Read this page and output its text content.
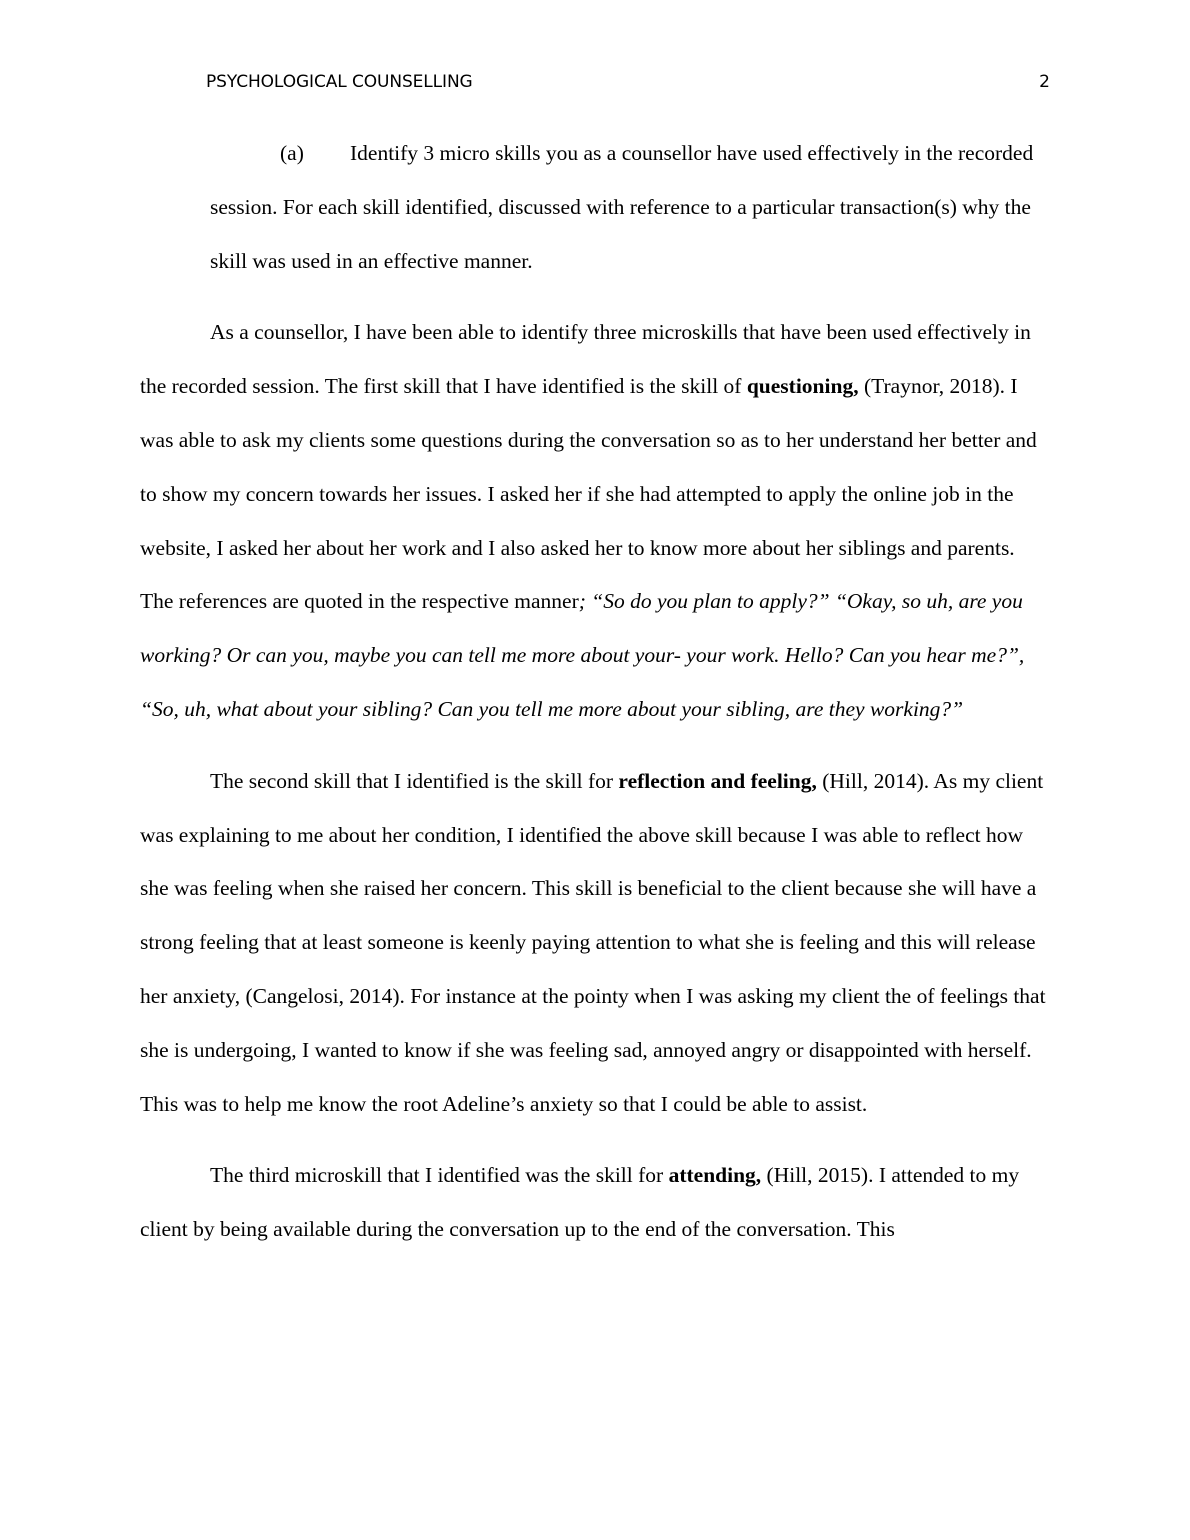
PSYCHOLOGICAL COUNSELLING	2
(a) Identify 3 micro skills you as a counsellor have used effectively in the recorded session. For each skill identified, discussed with reference to a particular transaction(s) why the skill was used in an effective manner.

As a counsellor, I have been able to identify three microskills that have been used effectively in the recorded session. The first skill that I have identified is the skill of questioning, (Traynor, 2018). I was able to ask my clients some questions during the conversation so as to her understand her better and to show my concern towards her issues. I asked her if she had attempted to apply the online job in the website, I asked her about her work and I also asked her to know more about her siblings and parents. The references are quoted in the respective manner; “So do you plan to apply?” “Okay, so uh, are you working? Or can you, maybe you can tell me more about your- your work. Hello? Can you hear me?”, “So, uh, what about your sibling? Can you tell me more about your sibling, are they working?”

The second skill that I identified is the skill for reflection and feeling, (Hill, 2014). As my client was explaining to me about her condition, I identified the above skill because I was able to reflect how she was feeling when she raised her concern. This skill is beneficial to the client because she will have a strong feeling that at least someone is keenly paying attention to what she is feeling and this will release her anxiety, (Cangelosi, 2014). For instance at the pointy when I was asking my client the of feelings that she is undergoing, I wanted to know if she was feeling sad, annoyed angry or disappointed with herself. This was to help me know the root Adeline’s anxiety so that I could be able to assist.

The third microskill that I identified was the skill for attending, (Hill, 2015). I attended to my client by being available during the conversation up to the end of the conversation. This
